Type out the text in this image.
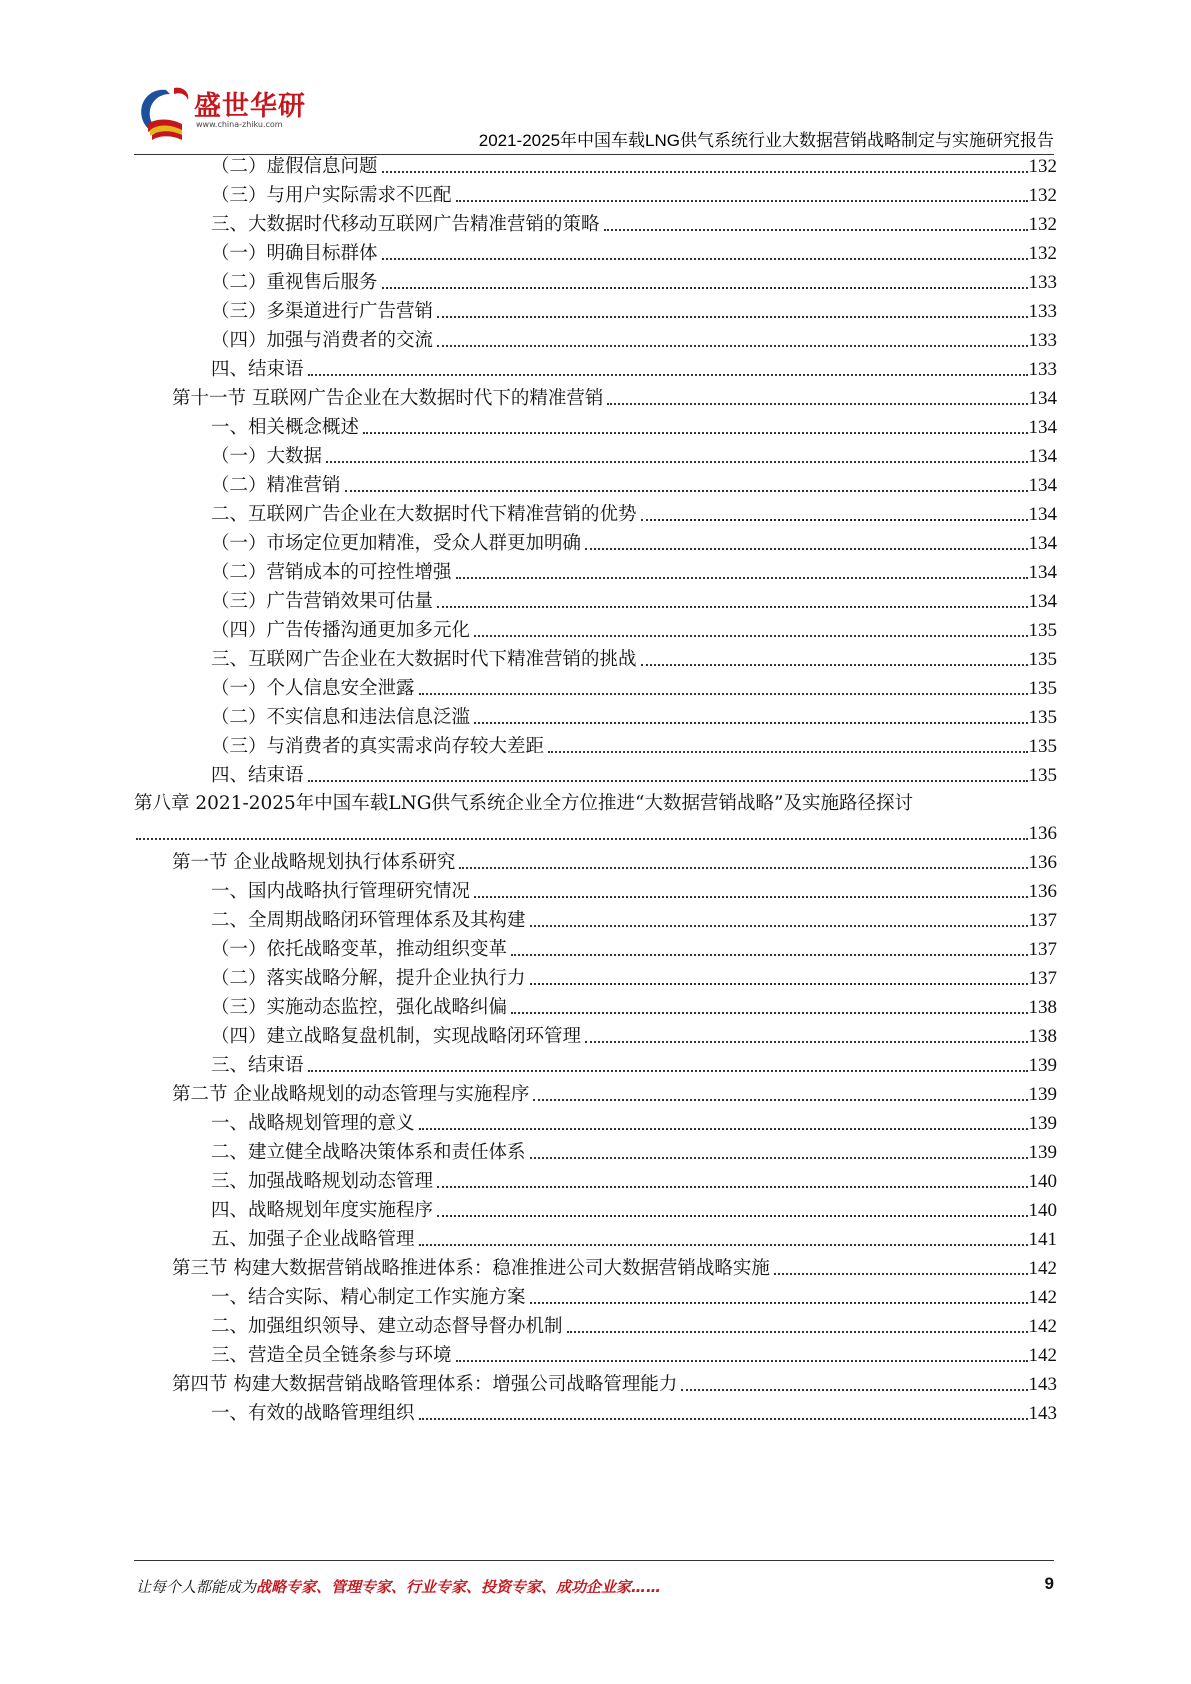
盛世华研
www.china-zhiku.com
2021-2025年中国车载LNG供气系统行业大数据营销战略制定与实施研究报告
（二）虚假信息问题	132
（三）与用户实际需求不匹配	132
三、大数据时代移动互联网广告精准营销的策略	132
（一）明确目标群体	132
（二）重视售后服务	133
（三）多渠道进行广告营销	133
（四）加强与消费者的交流	133
四、结束语	133
第十一节 互联网广告企业在大数据时代下的精准营销	134
一、相关概念概述	134
（一）大数据	134
（二）精准营销	134
二、互联网广告企业在大数据时代下精准营销的优势	134
（一）市场定位更加精准，受众人群更加明确	134
（二）营销成本的可控性增强	134
（三）广告营销效果可估量	134
（四）广告传播沟通更加多元化	135
三、互联网广告企业在大数据时代下精准营销的挑战	135
（一）个人信息安全泄露	135
（二）不实信息和违法信息泛滥	135
（三）与消费者的真实需求尚存较大差距	135
四、结束语	135
第八章 2021-2025年中国车载LNG供气系统企业全方位推进“大数据营销战略”及实施路径探讨
136
第一节 企业战略规划执行体系研究	136
一、国内战略执行管理研究情况	136
二、全周期战略闭环管理体系及其构建	137
（一）依托战略变革，推动组织变革	137
（二）落实战略分解，提升企业执行力	137
（三）实施动态监控，强化战略纠偏	138
（四）建立战略复盘机制，实现战略闭环管理	138
三、结束语	139
第二节 企业战略规划的动态管理与实施程序	139
一、战略规划管理的意义	139
二、建立健全战略决策体系和责任体系	139
三、加强战略规划动态管理	140
四、战略规划年度实施程序	140
五、加强子企业战略管理	141
第三节 构建大数据营销战略推进体系：稳准推进公司大数据营销战略实施	142
一、结合实际、精心制定工作实施方案	142
二、加强组织领导、建立动态督导督办机制	142
三、营造全员全链条参与环境	142
第四节 构建大数据营销战略管理体系：增强公司战略管理能力	143
一、有效的战略管理组织	143
让每个人都能成为战略专家、管理专家、行业专家、投资专家、成功企业家……	9
